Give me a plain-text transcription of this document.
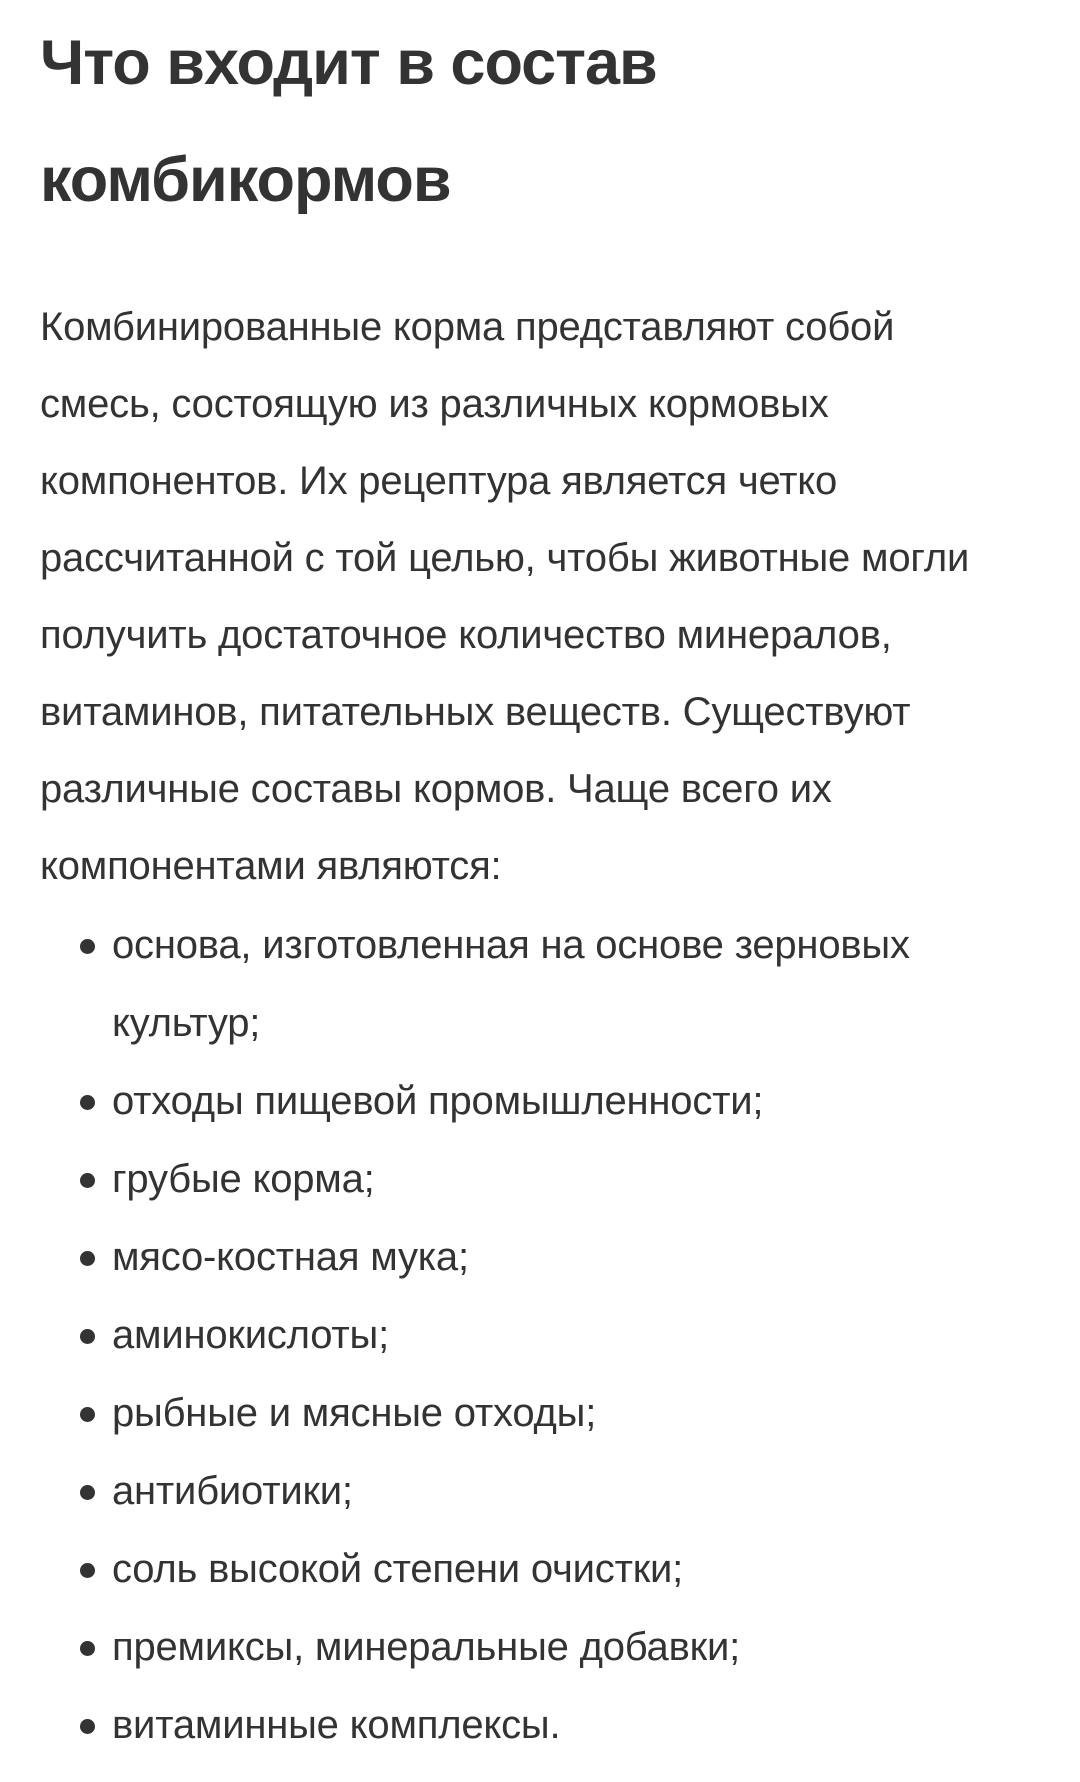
Что входит в состав комбикормов

Комбинированные корма представляют собой смесь, состоящую из различных кормовых компонентов. Их рецептура является четко рассчитанной с той целью, чтобы животные могли получить достаточное количество минералов, витаминов, питательных веществ. Существуют различные составы кормов. Чаще всего их компонентами являются:

основа, изготовленная на основе зерновых культур;
отходы пищевой промышленности;
грубые корма;
мясо-костная мука;
аминокислоты;
рыбные и мясные отходы;
антибиотики;
соль высокой степени очистки;
премиксы, минеральные добавки;
витаминные комплексы.
